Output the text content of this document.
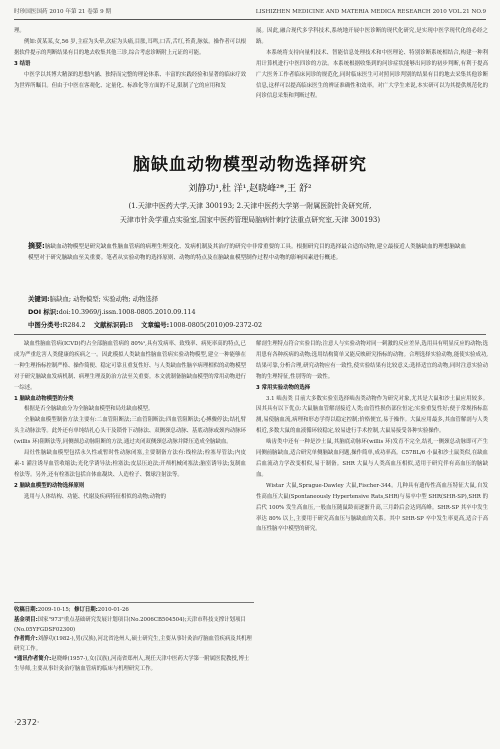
时珍国医国药 2010 年第 21 卷第 9 期	LISHIZHEN MEDICINE AND MATERIA MEDICA RESEARCH 2010 VOL.21 NO.9

理。

例如:黄某某,女,56 岁,主症为头晕,次症为头痛,目胀,耳鸣,口苦,舌红,苔黄,脉弦。操作者可以根据软件提示的判断结果有目的地去收集其他三诊,综合考虑诊断附上元证的可能。

3 结语

中医学以其博大精深的思想内涵、独特而完整的理论体系、丰富的实践经验和显著的临床疗效为世界所瞩目。但由于中医在客观化、定量化、标准化等方面的不足,限制了它的应用和发

展。因此,融合现代多学科技术,系统地开展中医诊断的现代化研究,是实现中医学现代化的必经之路。

本系统将支持向量机技术、智能信息处理技术和中医理论、特别诊断系统相结合,构建一种利用计算机进行中医四诊的方法。本系统根据收集到的问诊症状能够出问诊的初步判断,有利于提高广大医务工作者临床问诊的规范化,同时临床医生可对照问诊判别的结果有目的地去采集其他诊断信息,这样可以提高临床医生的辨证准确性和效率。对广大学生来说,本实研可以为其提供规范化的问诊信息采集和判断过程。

脑缺血动物模型动物选择研究
刘静功¹,杜 洋¹,赵晓峰²*,王 舒²
(1.天津中医药大学,天津 300193; 2.天津中医药大学第一附属医院针灸研究所,
天津市针灸学重点实验室,国家中医药管理局脑病针刺疗法重点研究室,天津 300193)
摘要:脑缺血动物模型是研究缺血性脑血管病的病理生理变化、发病机制及其治疗的研究中非常重要的工具。根据研究目的选择最合适的动物,建立最接近人类脑缺血的理想脑缺血模型对于研究脑缺血至关重要。笔者从实验动物的选择原则、动物的特点及在脑缺血模型制作过程中动物的影响因素进行概述。
关键词:脑缺血; 动物模型; 实验动物; 动物选择
DOI 标识:doi:10.3969/j.issn.1008-0805.2010.09.114
中图分类号:R284.2 文献标识码:B 文章编号:1008-0805(2010)09-2372-02

缺血性脑血管病(ICVD)约占全部脑血管病的 80%¹,具有发病率、致残率、病死率高的特点,已成为严重危害人类健康的疾病之一。因此模拟人类缺血性脑血管病实验动物模型,建立一种能够在一种生理指标控制严格、操作简便、稳定可靠且重复性好、与人类缺血性脑卒病理相似的动物模型对于研究脑缺血发病机制、病理生理及防治方法至关重要。本文就制备脑缺血模型的常用动物进行一综述。

1 脑缺血动物模型的分类

根据是否全脑缺血分为全脑缺血模型和局灶缺血模型。

全脑缺血模型制备方法主要有:二血管阻断法;三血管阻断法;四血管阻断法;心搏骤停法;结扎臂头主动脉法等。此外还有单纯结扎心头干及锁骨下动脉法、双侧颈总动脉、基底动脉或颈内动脉环(willis 环)阻断法等,同侧颈总动脉阻断的方法,通过夹闭双侧颈总动脉并降压造成全脑缺血。

局灶性脑缺血模型包括永久性或暂时性动脉闭塞,主要制备方法有:线栓法;栓塞导管法;内皮素-1 灌注诱导血管收缩法;光化学诱导法;栓塞法;皮层压迫法;开颅机械闭塞法;脑室诱导法;复制血栓法等。另外,还有栓塞法包括自体血凝块、人造栓子、微球注射法等。

2 脑缺血模型的动物选择原则

选用与人体结构、功能、代谢及疾病特征相似的动物;动物的

解剖生理特点符合实验目的;注意人与实验动物对同一刺激的反应差异,选用具有明显反应的动物;选用患有各种疾病的动物;选用结构简单又能反映研究指标的动物。合理选择实验动物,能使实验成功,结果可靠,分析合理,研究动物应有一致性,使实验结果有比较意义;选择适宜的动物,同时注意实验动物的生理特征,性别等的一致性。

3 常用实验动物的选择

3.1 啮齿类 目前大多数实验室选择啮齿类动物作为研究对象,尤其是大鼠和沙土鼠应用较多。因其具有以下优点:大鼠脑血管解剖接近人类;血管性损伤部位恒定;实验重复性好;便于常规指标监测,易使脑血流,病理和形态学得以稳定控制;价格便宜,易于操作。大鼠应用最多,其血管解剖与人类相近,多数大鼠的血液循环较稳定,较易进行手术控制,大鼠易接受各种实验操作。

啮齿类中还有一种是沙土鼠,其脑底动脉环(willis 环)发育不完全,结扎一侧颈总动脉即可产生同侧前脑缺血,适合研究单侧脑缺血问题,操作简单,成功率高。C57BL/6 小鼠和沙土鼠类似,在缺血后血流动力学改变相似,易于制备。SHR 大鼠与人类高血压相似,适用于研究伴有高血压的脑缺血。

Wistar 大鼠,Sprague-Dawley 大鼠,Fischer-344。几种具有遗传性高血压特征大鼠,自发性高血压大鼠(Spontaneously Hypertensive Rats,SHR)与易卒中型 SHR(SHR-SP),SHR 的后代 100% 发生高血压,一般血压随鼠龄而逐渐升高,三月龄后会达到高峰。SHR-SP 其卒中发生率达 80% 以上,主要用于研究高血压与脑缺血的关系。其中 SHR-SP 卒中发生率更高,适合于高血压性脑卒中模型的研究。

收稿日期:2009-10-15; 修订日期:2010-01-26
基金项目:国家"973"重点基础研究发展计划项目(No.2006CB504504);天津市科技支撑计划项目(No.05YFGDSF02300)
作者简介:刘静功(1982-),男(汉族),河北省沧州人,硕士研究生,主要从事针灸治疗脑血管疾病及其机理研究工作。
*通讯作者简介:赵晓峰(1957-),女(汉族),河南省郑州人,现任天津中医药大学第一附属医院教授,博士生导师,主要从事针灸治疗脑血管病的临床与机理研究工作。
·2372·
